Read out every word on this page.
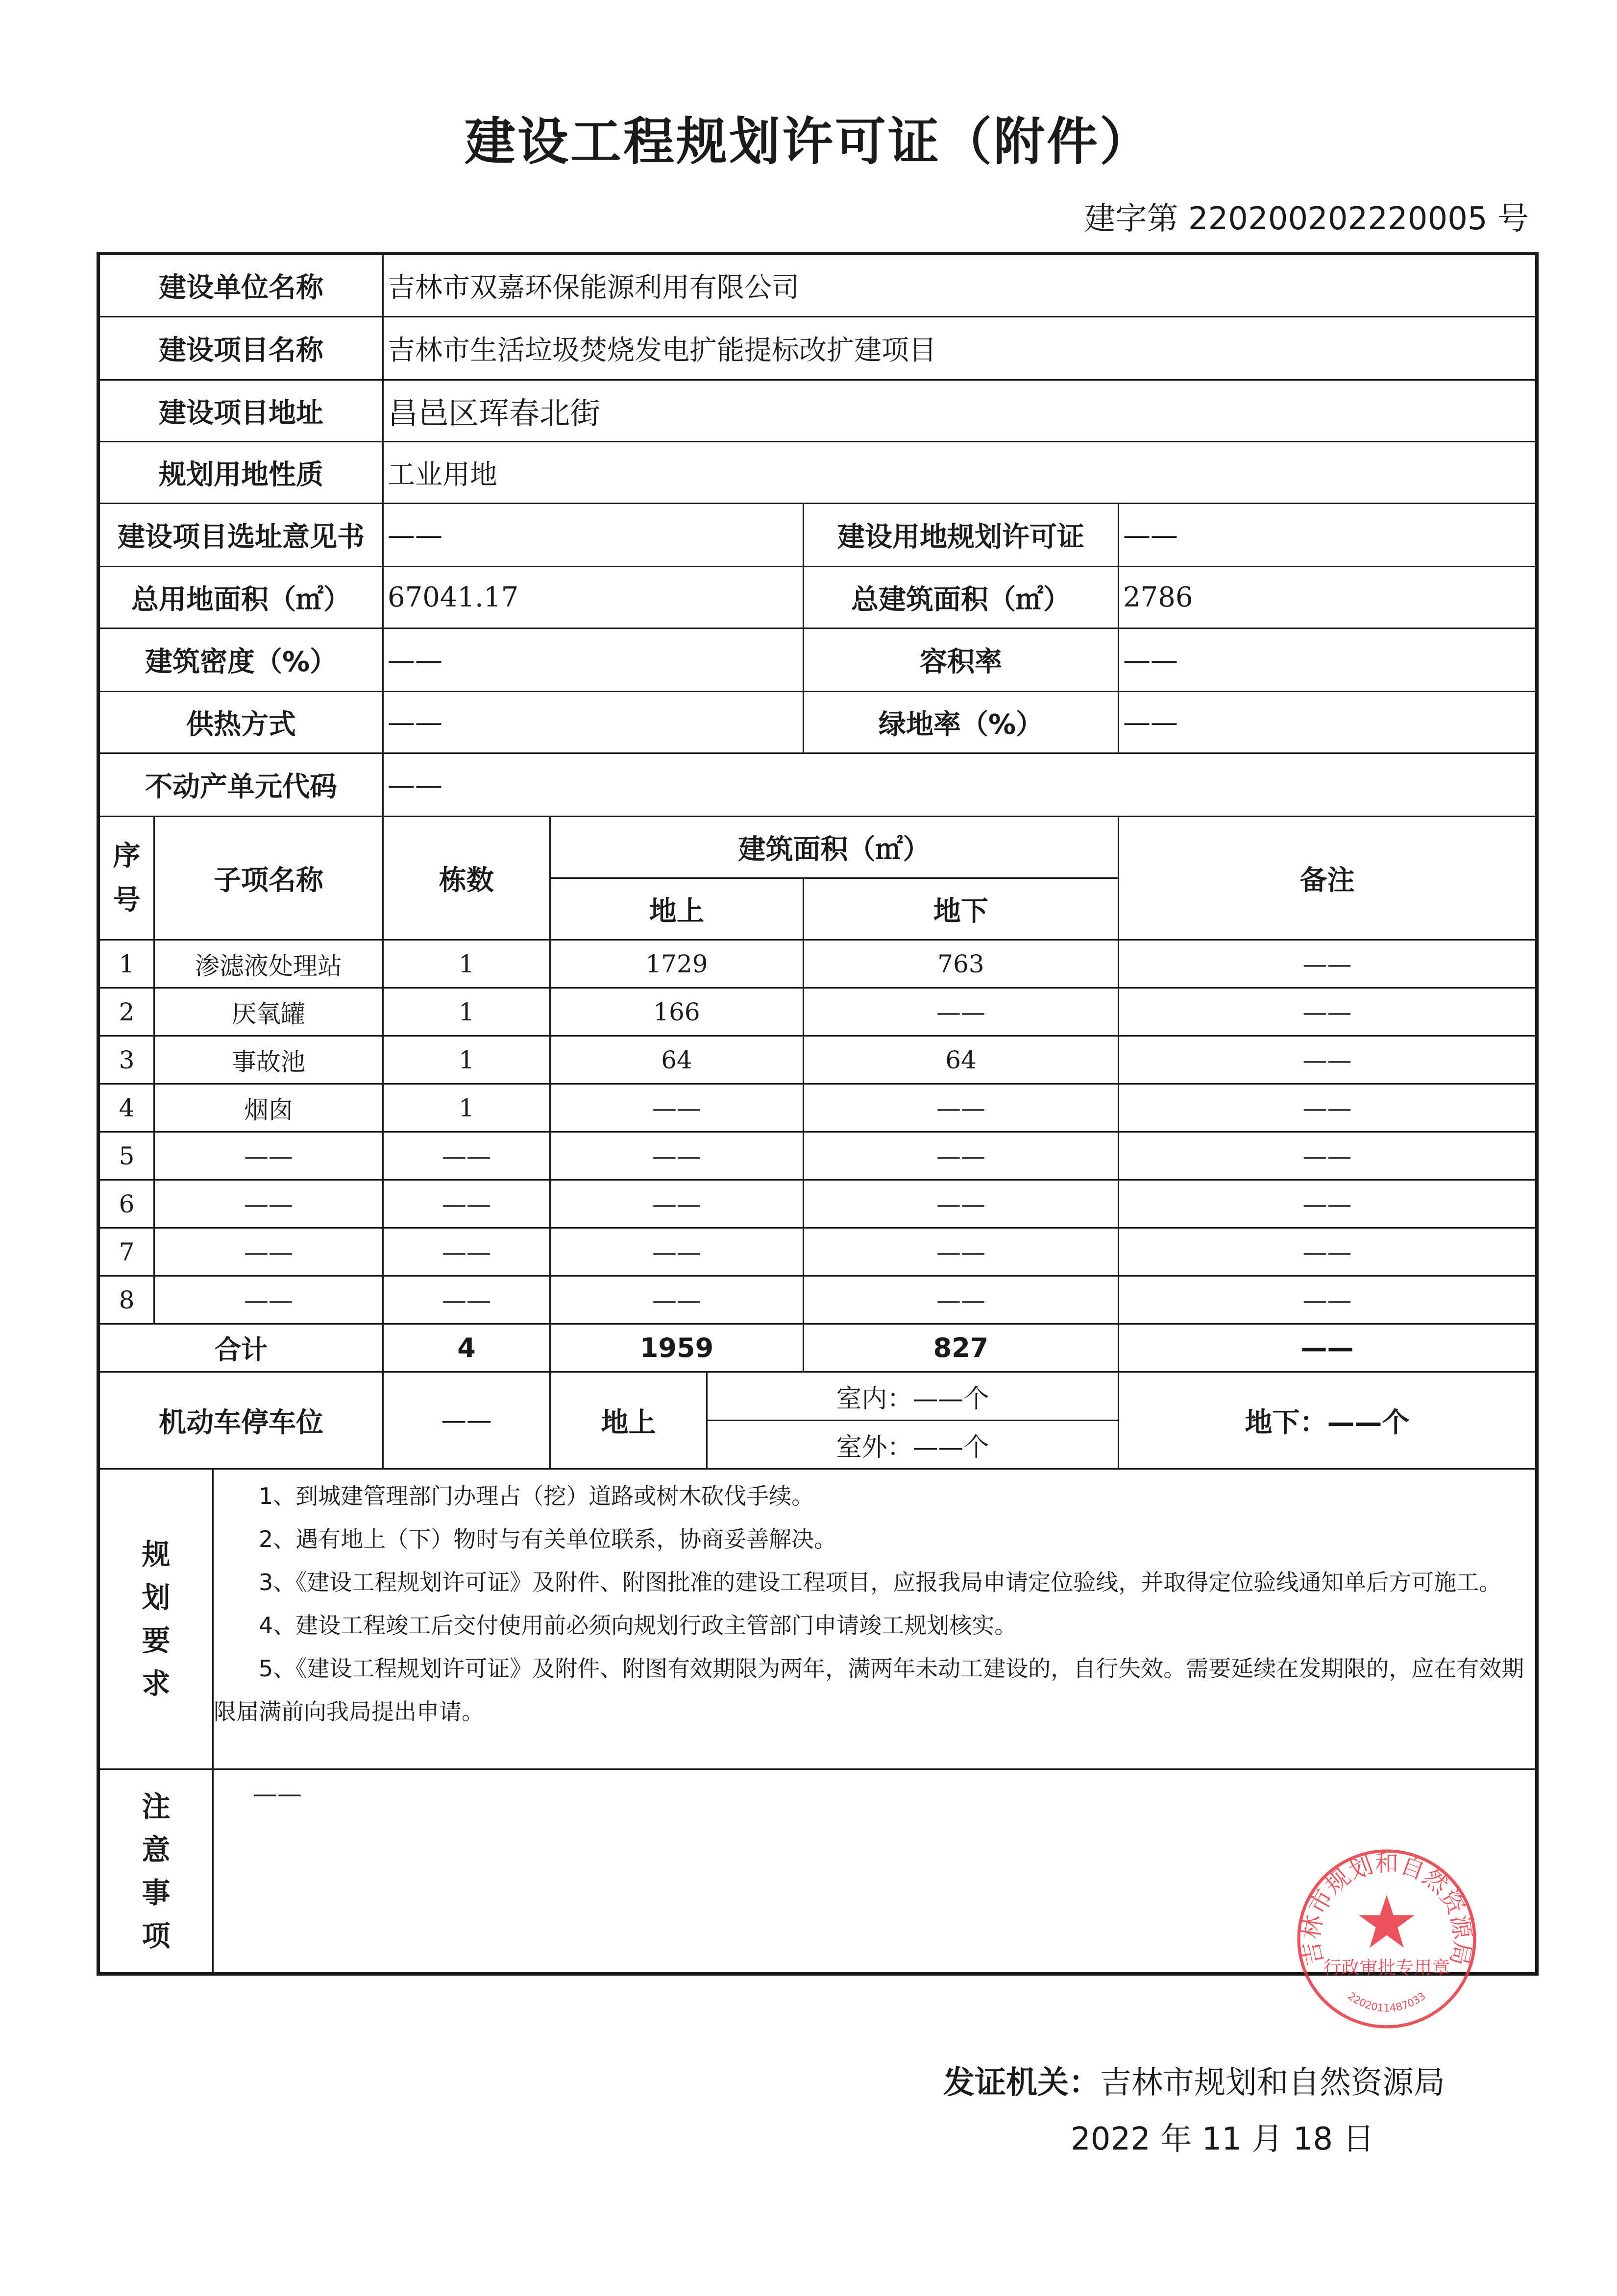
建设工程规划许可证（附件）
建字第 220200202220005 号
建设单位名称			吉林市双嘉环保能源利用有限公司				
建设项目名称			吉林市生活垃圾焚烧发电扩能提标改扩建项目				
建设项目地址			昌邑区珲春北街				
规划用地性质			工业用地				
建设项目选址意见书			——			建设用地规划许可证	——
总用地面积（㎡）			67041.17			总建筑面积（㎡）	2786
建筑密度（%）			——			容积率	——
供热方式			——			绿地率（%）	——
不动产单元代码			——				
序号	子项名称		栋数	建筑面积（㎡）			备注
				地上		地下	
1	渗滤液处理站		1	1729		763	——
2	厌氧罐		1	166		——	——
3	事故池		1	64		64	——
4	烟囱		1	——		——	——
5	——		——	——		——	——
6	——		——	——		——	——
7	——		——	——		——	——
8	——		——	——		——	——
合计			4	1959		827	——
机动车停车位			——	地上	室内：——个		地下：——个
					室外：——个		
规划要求		1、到城建管理部门办理占（挖）道路或树木砍伐手续。

2、遇有地上（下）物时与有关单位联系，协商妥善解决。

3、《建设工程规划许可证》及附件、附图批准的建设工程项目，应报我局申请定位验线，并取得定位验线通知单后方可施工。

4、建设工程竣工后交付使用前必须向规划行政主管部门申请竣工规划核实。

5、《建设工程规划许可证》及附件、附图有效期限为两年，满两年未动工建设的，自行失效。需要延续在发期限的，应在有效期限届满前向我局提出申请。					

注意事项		——					
发证机关：吉林市规划和自然资源局
2022 年 11 月 18 日
吉林市规划和自然资源局
行政审批专用章
2202011487033
